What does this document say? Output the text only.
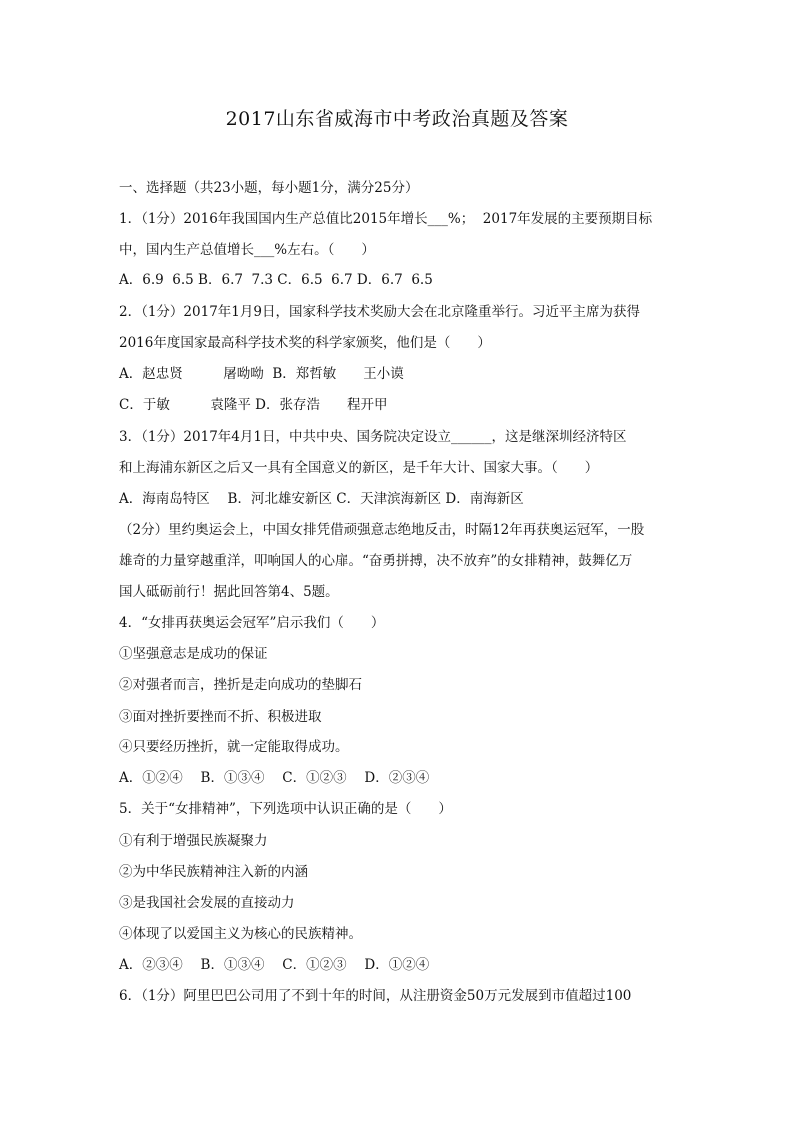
2017山东省威海市中考政治真题及答案
一、选择题（共23小题，每小题1分，满分25分）
1．（1分）2016年我国国内生产总值比2015年增长___%；  2017年发展的主要预期目标
中，国内生产总值增长___%左右。（　　）
A．6.9  6.5 B．6.7  7.3 C．6.5  6.7 D．6.7  6.5
2．（1分）2017年1月9日，国家科学技术奖励大会在北京隆重举行。习近平主席为获得
2016年度国家最高科学技术奖的科学家颁奖，他们是（　　）
A．赵忠贤　　　屠呦呦  B．郑哲敏　　王小谟
C．于敏　　　袁隆平 D．张存浩　　程开甲
3．（1分）2017年4月1日，中共中央、国务院决定设立______，这是继深圳经济特区
和上海浦东新区之后又一具有全国意义的新区，是千年大计、国家大事。（　　）
A．海南岛特区　 B．河北雄安新区 C．天津滨海新区 D．南海新区
（2分）里约奥运会上，中国女排凭借顽强意志绝地反击，时隔12年再获奥运冠军，一股
雄奇的力量穿越重洋，叩响国人的心扉。“奋勇拼搏，决不放弃”的女排精神，鼓舞亿万
国人砥砺前行！据此回答第4、5题。
4．“女排再获奥运会冠军”启示我们（　　）
①坚强意志是成功的保证
②对强者而言，挫折是走向成功的垫脚石
③面对挫折要挫而不折、积极进取
④只要经历挫折，就一定能取得成功。
A．①②④　 B．①③④　 C．①②③　 D．②③④
5．关于“女排精神”，下列选项中认识正确的是（　　）
①有利于增强民族凝聚力
②为中华民族精神注入新的内涵
③是我国社会发展的直接动力
④体现了以爱国主义为核心的民族精神。
A．②③④　 B．①③④　 C．①②③　 D．①②④
6．（1分）阿里巴巴公司用了不到十年的时间，从注册资金50万元发展到市值超过100
